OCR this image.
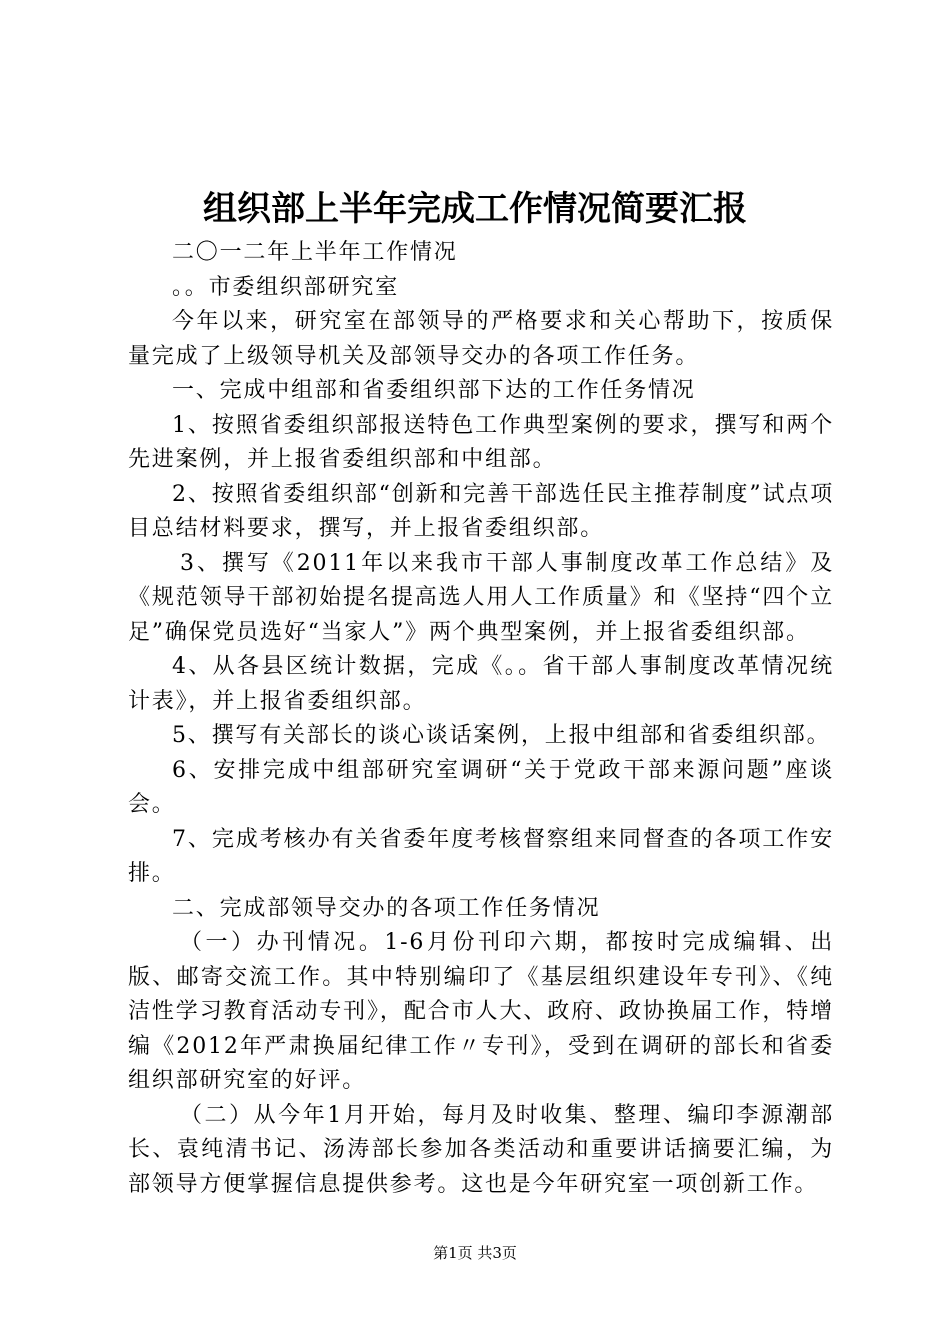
组织部上半年完成工作情况简要汇报

二〇一二年上半年工作情况

。。市委组织部研究室

今年以来，研究室在部领导的严格要求和关心帮助下，按质保量完成了上级领导机关及部领导交办的各项工作任务。

一、完成中组部和省委组织部下达的工作任务情况

1、按照省委组织部报送特色工作典型案例的要求，撰写和两个先进案例，并上报省委组织部和中组部。

2、按照省委组织部“创新和完善干部选任民主推荐制度”试点项目总结材料要求，撰写，并上报省委组织部。

3、撰写《2011年以来我市干部人事制度改革工作总结》及《规范领导干部初始提名提高选人用人工作质量》和《坚持“四个立足”确保党员选好“当家人”》两个典型案例，并上报省委组织部。

4、从各县区统计数据，完成《。。省干部人事制度改革情况统计表》，并上报省委组织部。

5、撰写有关部长的谈心谈话案例，上报中组部和省委组织部。

6、安排完成中组部研究室调研“关于党政干部来源问题”座谈会。

7、完成考核办有关省委年度考核督察组来同督查的各项工作安排。

二、完成部领导交办的各项工作任务情况

（一）办刊情况。1-6月份刊印六期，都按时完成编辑、出版、邮寄交流工作。其中特别编印了《基层组织建设年专刊》、《纯洁性学习教育活动专刊》，配合市人大、政府、政协换届工作，特增编《2012年严肃换届纪律工作〃专刊》，受到在调研的部长和省委组织部研究室的好评。

（二）从今年1月开始，每月及时收集、整理、编印李源潮部长、袁纯清书记、汤涛部长参加各类活动和重要讲话摘要汇编，为部领导方便掌握信息提供参考。这也是今年研究室一项创新工作。

第1页 共3页
